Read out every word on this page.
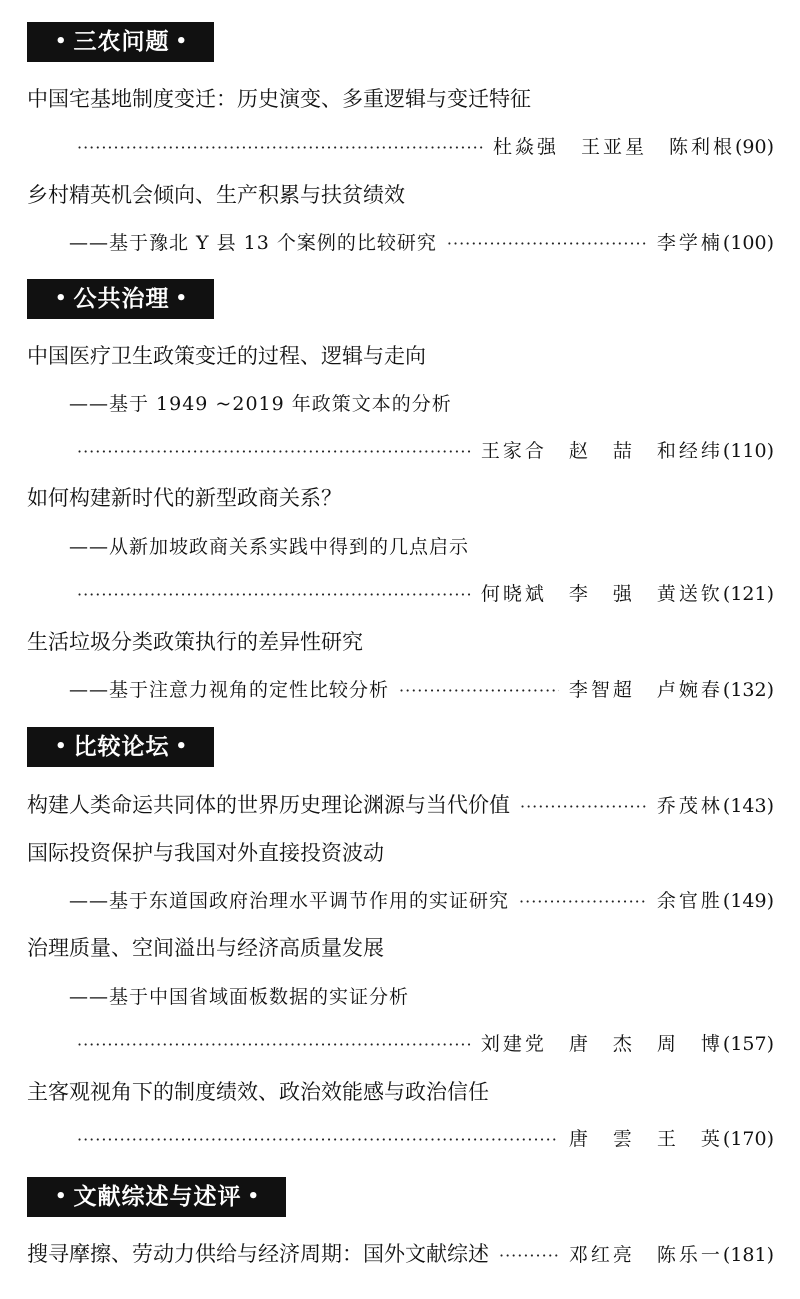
• 三农问题 •
中国宅基地制度变迁：历史演变、多重逻辑与变迁特征
·····
杜焱强　王亚星　陈利根 (90)
乡村精英机会倾向、生产积累与扶贫绩效
——基于豫北 Y 县 13 个案例的比较研究 ·····	李学楠 (100)
• 公共治理 •
中国医疗卫生政策变迁的过程、逻辑与走向
——基于 1949 ~2019 年政策文本的分析
·····
王家合　赵　喆　和经纬 (110)
如何构建新时代的新型政商关系？
——从新加坡政商关系实践中得到的几点启示
·····
何晓斌　李　强　黄送钦 (121)
生活垃圾分类政策执行的差异性研究
——基于注意力视角的定性比较分析 ·····	李智超　卢婉春 (132)
• 比较论坛 •
构建人类命运共同体的世界历史理论渊源与当代价值 ·····	乔茂林 (143)
国际投资保护与我国对外直接投资波动
——基于东道国政府治理水平调节作用的实证研究 ·····	余官胜 (149)
治理质量、空间溢出与经济高质量发展
——基于中国省域面板数据的实证分析
·····
刘建党　唐　杰　周　博 (157)
主客观视角下的制度绩效、政治效能感与政治信任
·····
唐　雲　王　英 (170)
• 文献综述与述评 •
搜寻摩擦、劳动力供给与经济周期：国外文献综述 ·····	邓红亮　陈乐一 (181)
